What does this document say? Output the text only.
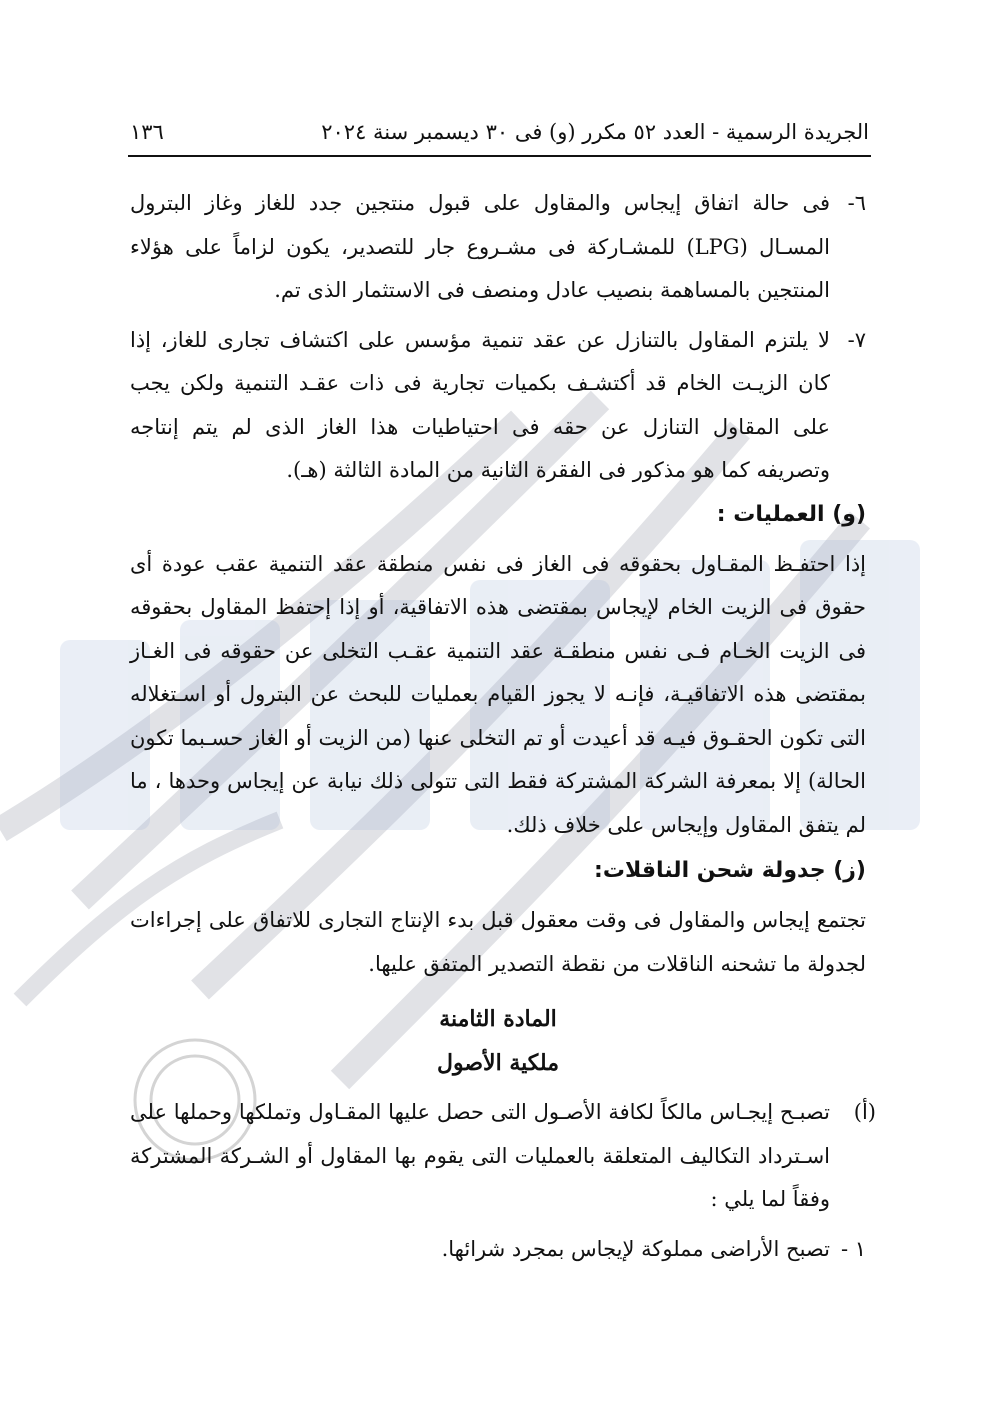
الجريدة الرسمية - العدد ٥٢ مكرر (و) فى ٣٠ ديسمبر سنة ٢٠٢٤
١٣٦
٦-
فى حالة اتفاق إيجاس والمقاول على قبول منتجين جدد للغاز وغاز البترول المسـال (LPG) للمشـاركة فى مشـروع جار للتصدير، يكون لزاماً على هؤلاء المنتجين بالمساهمة بنصيب عادل ومنصف فى الاستثمار الذى تم.
٧-
لا يلتزم المقاول بالتنازل عن عقد تنمية مؤسس على اكتشاف تجارى للغاز، إذا كان الزيـت الخام قد أكتشـف بكميات تجارية فى ذات عقـد التنمية ولكن يجب على المقاول التنازل عن حقه فى احتياطيات هذا الغاز الذى لم يتم إنتاجه وتصريفه كما هو مذكور فى الفقرة الثانية من المادة الثالثة (هـ).
(و) العمليات :
إذا احتفـظ المقـاول بحقوقه فى الغاز فى نفس منطقة عقد التنمية عقب عودة أى حقوق فى الزيت الخام لإيجاس بمقتضى هذه الاتفاقية، أو إذا إحتفظ المقاول بحقوقه فى الزيت الخـام فـى نفس منطقـة عقد التنمية عقـب التخلى عن حقوقه فى الغـاز بمقتضى هذه الاتفاقيـة، فإنـه لا يجوز القيام بعمليات للبحث عن البترول أو اسـتغلاله التى تكون الحقـوق فيـه قد أعيدت أو تم التخلى عنها (من الزيت أو الغاز حسـبما تكون الحالة) إلا بمعرفة الشركة المشتركة فقط التى تتولى ذلك نيابة عن إيجاس وحدها ، ما لم يتفق المقاول وإيجاس على خلاف ذلك.
(ز) جدولة شحن الناقلات:
تجتمع إيجاس والمقاول فى وقت معقول قبل بدء الإنتاج التجارى للاتفاق على إجراءات لجدولة ما تشحنه الناقلات من نقطة التصدير المتفق عليها.
المادة الثامنة
ملكية الأصول
(أ)
تصبـح إيجـاس مالكاً لكافة الأصـول التى حصل عليها المقـاول وتملكها وحملها على اسـترداد التكاليف المتعلقة بالعمليات التى يقوم بها المقاول أو الشـركة المشتركة وفقاً لما يلي :
١ -
تصبح الأراضى مملوكة لإيجاس بمجرد شرائها.
